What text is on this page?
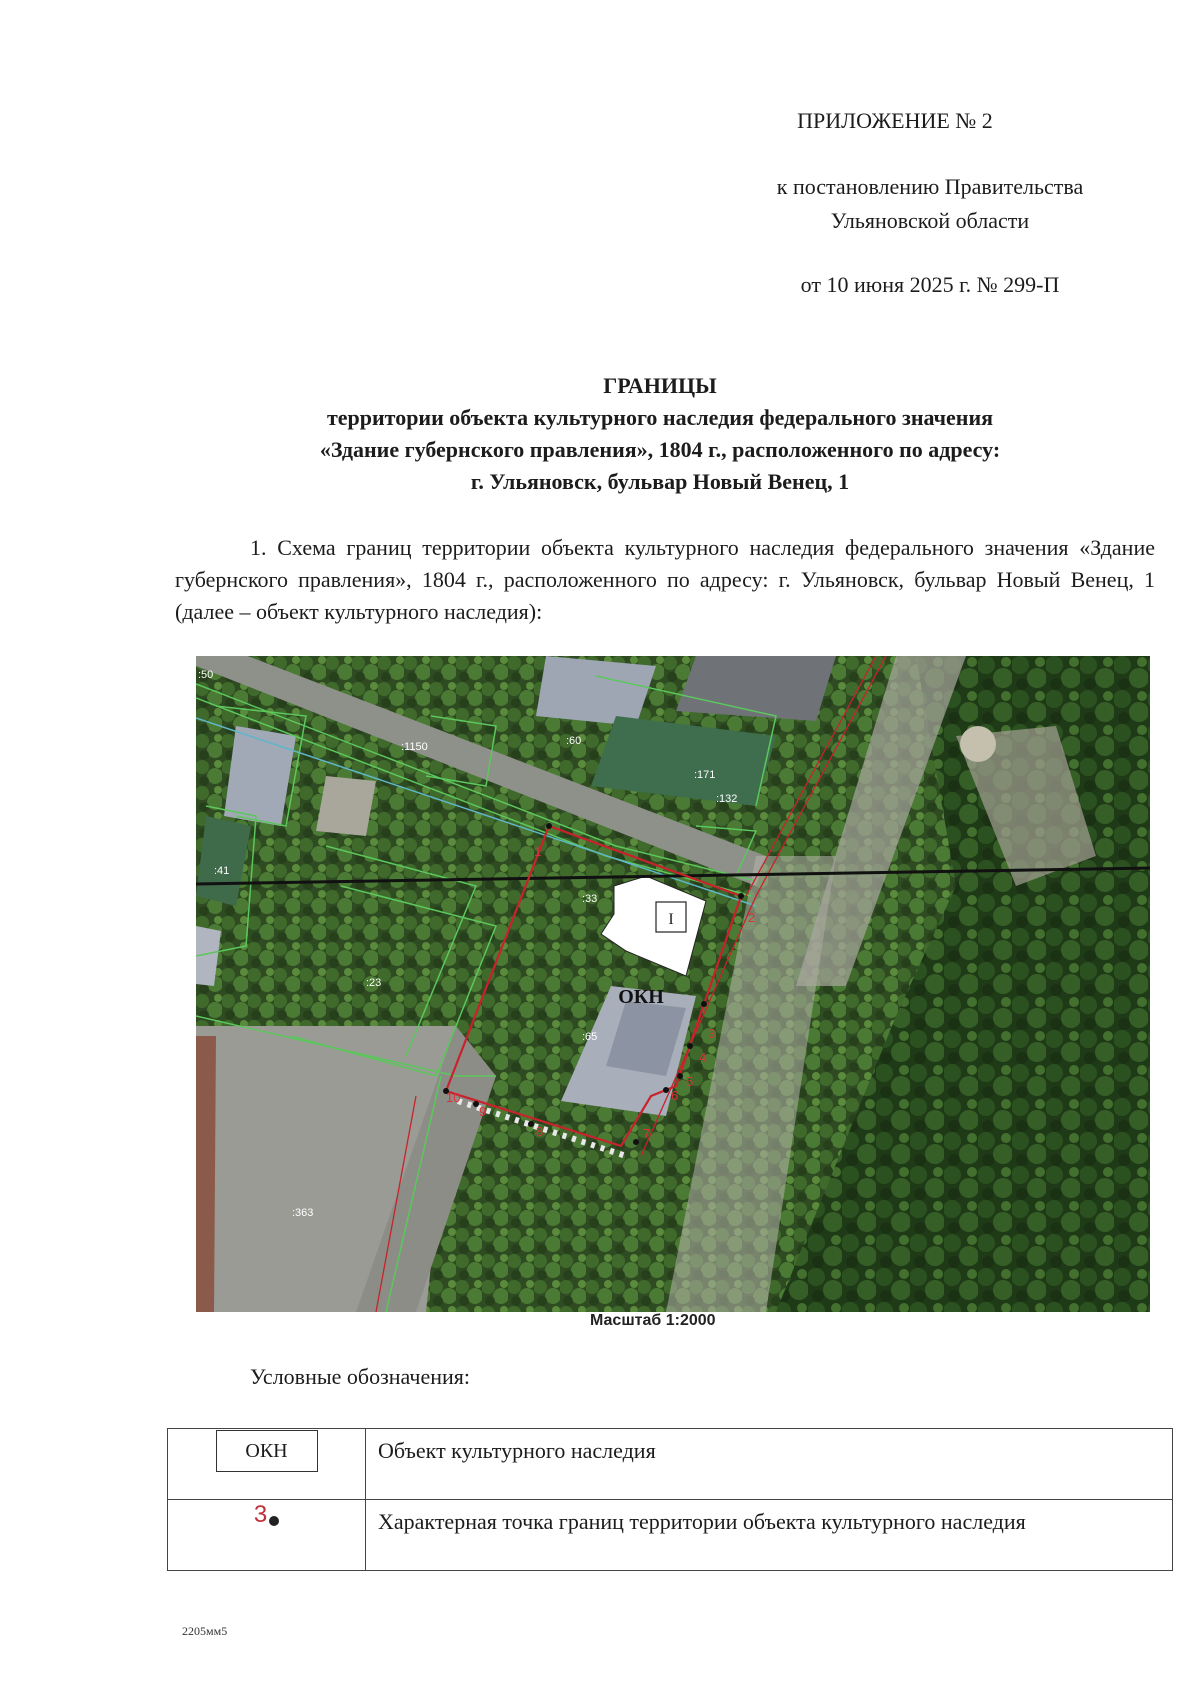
ПРИЛОЖЕНИЕ № 2
к постановлению Правительства
Ульяновской области
от 10 июня 2025 г. № 299-П
ГРАНИЦЫ
территории объекта культурного наследия федерального значения
«Здание губернского правления», 1804 г., расположенного по адресу:
г. Ульяновск, бульвар Новый Венец, 1
1. Схема границ территории объекта культурного наследия федерального значения «Здание губернского правления», 1804 г., расположенного по адресу: г. Ульяновск, бульвар Новый Венец, 1 (далее – объект культурного наследия):
I
ОКН
:50
:1150	:60
:171
:132
:41
:33
:23
:65
:363
1
2
3
4
5
6
7
8
9
10
Масштаб 1:2000
Условные обозначения:
ОКН	Объект культурного наследия
3	Характерная точка границ территории объекта культурного наследия
2205мм5
